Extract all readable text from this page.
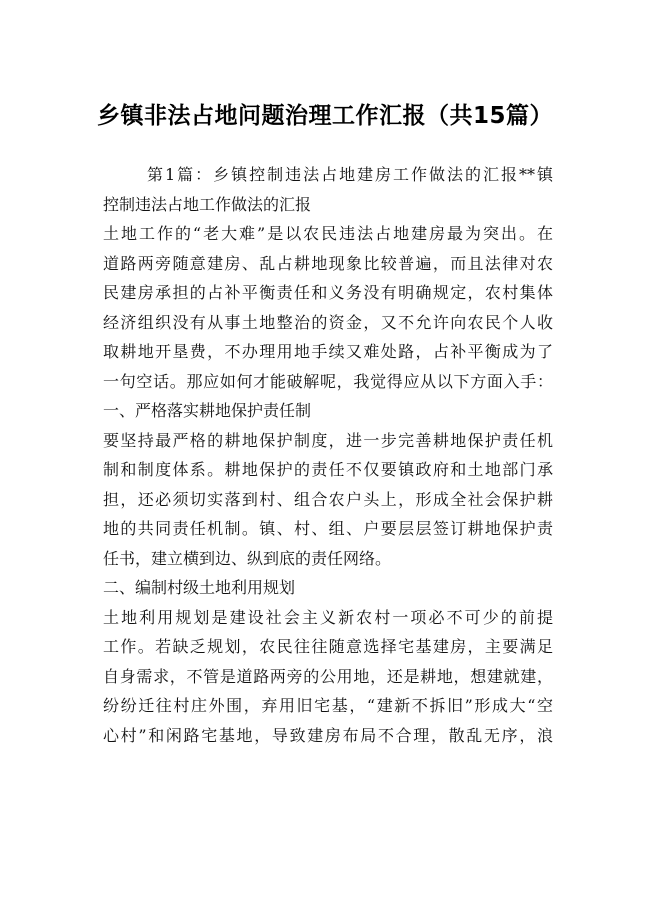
乡镇非法占地问题治理工作汇报（共15篇）
第1篇：乡镇控制违法占地建房工作做法的汇报**镇
控制违法占地工作做法的汇报
土地工作的“老大难”是以农民违法占地建房最为突出。在
道路两旁随意建房、乱占耕地现象比较普遍，而且法律对农
民建房承担的占补平衡责任和义务没有明确规定，农村集体
经济组织没有从事土地整治的资金，又不允许向农民个人收
取耕地开垦费，不办理用地手续又难处路，占补平衡成为了
一句空话。那应如何才能破解呢，我觉得应从以下方面入手：
一、严格落实耕地保护责任制
要坚持最严格的耕地保护制度，进一步完善耕地保护责任机
制和制度体系。耕地保护的责任不仅要镇政府和土地部门承
担，还必须切实落到村、组合农户头上，形成全社会保护耕
地的共同责任机制。镇、村、组、户要层层签订耕地保护责
任书，建立横到边、纵到底的责任网络。
二、编制村级土地利用规划
土地利用规划是建设社会主义新农村一项必不可少的前提
工作。若缺乏规划，农民往往随意选择宅基建房，主要满足
自身需求，不管是道路两旁的公用地，还是耕地，想建就建，
纷纷迁往村庄外围，弃用旧宅基，“建新不拆旧”形成大“空
心村”和闲路宅基地，导致建房布局不合理，散乱无序，浪
